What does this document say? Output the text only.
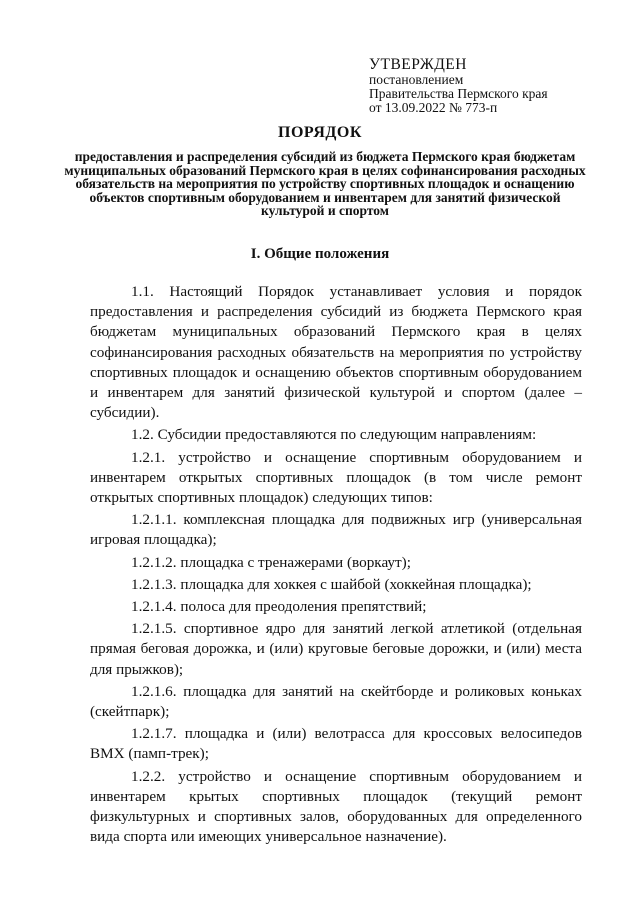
УТВЕРЖДЕН
постановлением
Правительства Пермского края
от 13.09.2022 № 773-п
ПОРЯДОК
предоставления и распределения субсидий из бюджета Пермского края бюджетам муниципальных образований Пермского края в целях софинансирования расходных обязательств на мероприятия по устройству спортивных площадок и оснащению объектов спортивным оборудованием и инвентарем для занятий физической культурой и спортом
I. Общие положения

1.1. Настоящий Порядок устанавливает условия и порядок предоставления и распределения субсидий из бюджета Пермского края бюджетам муниципальных образований Пермского края в целях софинансирования расходных обязательств на мероприятия по устройству спортивных площадок и оснащению объектов спортивным оборудованием и инвентарем для занятий физической культурой и спортом (далее – субсидии).

1.2. Субсидии предоставляются по следующим направлениям:

1.2.1. устройство и оснащение спортивным оборудованием и инвентарем открытых спортивных площадок (в том числе ремонт открытых спортивных площадок) следующих типов:

1.2.1.1. комплексная площадка для подвижных игр (универсальная игровая площадка);

1.2.1.2. площадка с тренажерами (воркаут);

1.2.1.3. площадка для хоккея с шайбой (хоккейная площадка);

1.2.1.4. полоса для преодоления препятствий;

1.2.1.5. спортивное ядро для занятий легкой атлетикой (отдельная прямая беговая дорожка, и (или) круговые беговые дорожки, и (или) места для прыжков);

1.2.1.6. площадка для занятий на скейтборде и роликовых коньках (скейтпарк);

1.2.1.7. площадка и (или) велотрасса для кроссовых велосипедов BMX (памп-трек);

1.2.2. устройство и оснащение спортивным оборудованием и инвентарем крытых спортивных площадок (текущий ремонт физкультурных и спортивных залов, оборудованных для определенного вида спорта или имеющих универсальное назначение).
